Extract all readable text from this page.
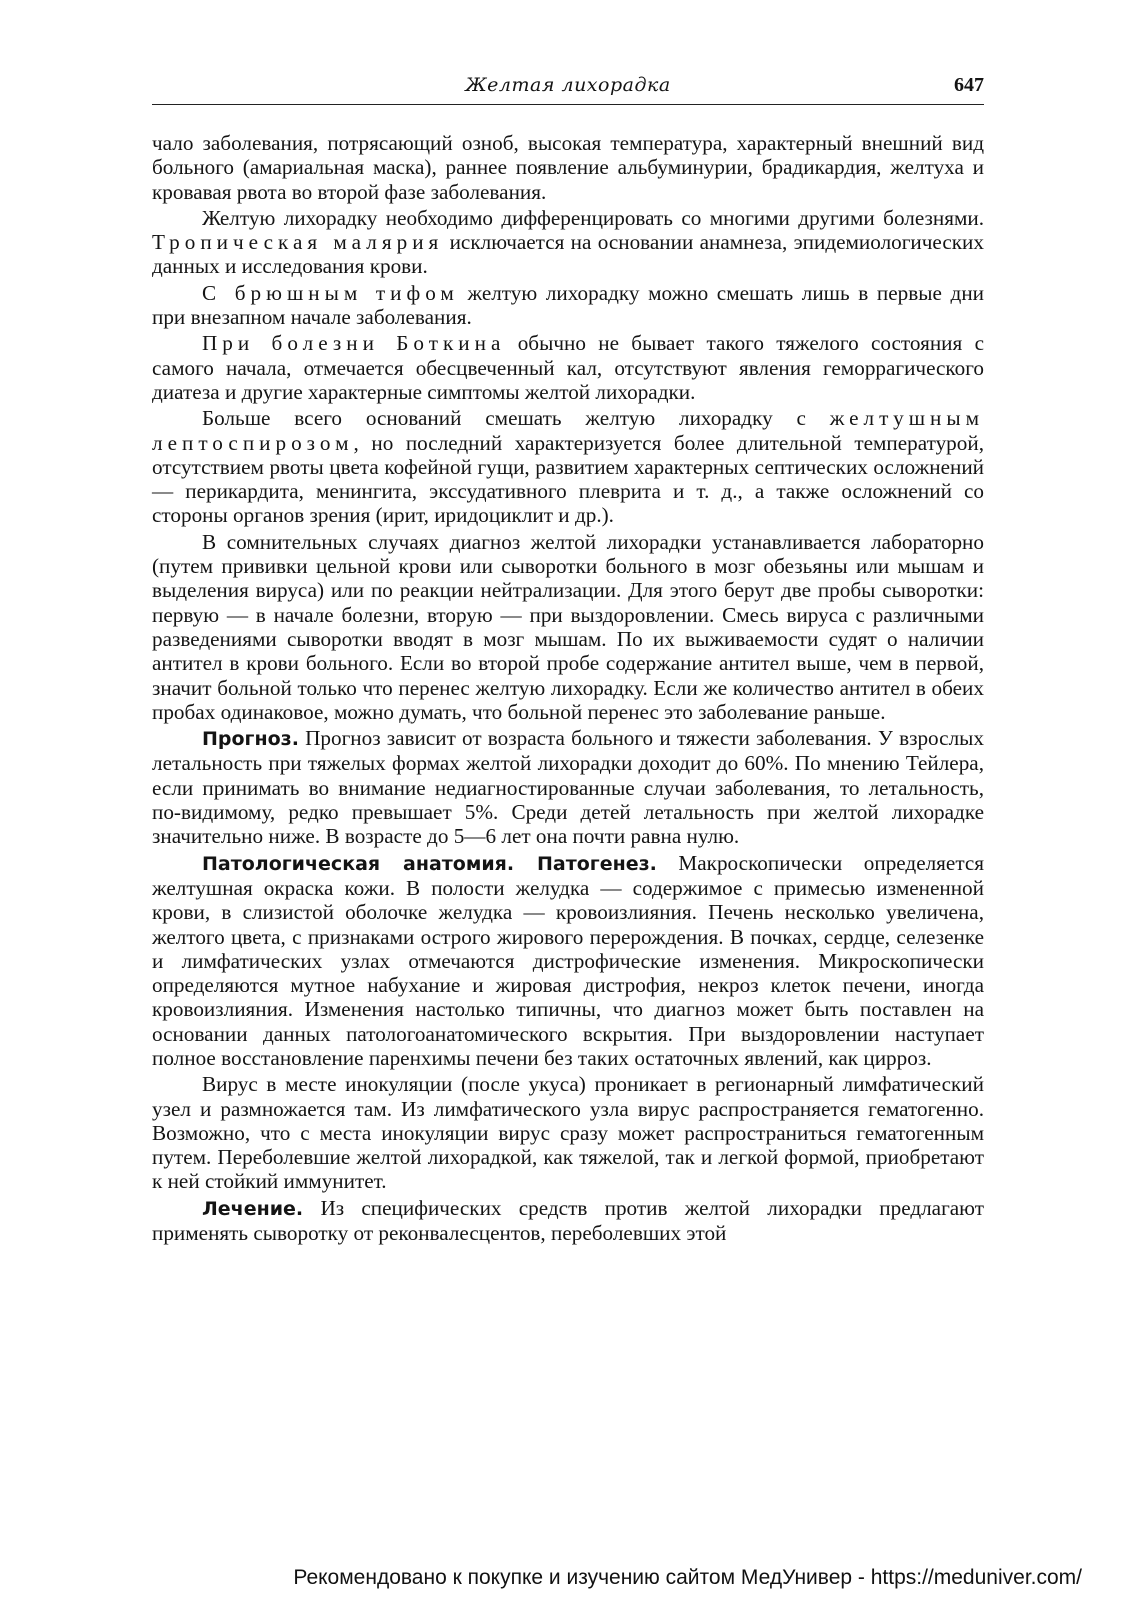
Желтая лихорадка	647

чало заболевания, потрясающий озноб, высокая температура, характерный внешний вид больного (амариальная маска), раннее появление альбуминурии, брадикардия, желтуха и кровавая рвота во второй фазе заболевания.

Желтую лихорадку необходимо дифференцировать со многими другими болезнями. Тропическая малярия исключается на основании анамнеза, эпидемиологических данных и исследования крови.

С брюшным тифом желтую лихорадку можно смешать лишь в первые дни при внезапном начале заболевания.

При болезни Боткина обычно не бывает такого тяжелого состояния с самого начала, отмечается обесцвеченный кал, отсутствуют явления геморрагического диатеза и другие характерные симптомы желтой лихорадки.

Больше всего оснований смешать желтую лихорадку с желтушным лептоспирозом, но последний характеризуется более длительной температурой, отсутствием рвоты цвета кофейной гущи, развитием характерных септических осложнений — перикардита, менингита, экссудативного плеврита и т. д., а также осложнений со стороны органов зрения (ирит, иридоциклит и др.).

В сомнительных случаях диагноз желтой лихорадки устанавливается лабораторно (путем прививки цельной крови или сыворотки больного в мозг обезьяны или мышам и выделения вируса) или по реакции нейтрализации. Для этого берут две пробы сыворотки: первую — в начале болезни, вторую — при выздоровлении. Смесь вируса с различными разведениями сыворотки вводят в мозг мышам. По их выживаемости судят о наличии антител в крови больного. Если во второй пробе содержание антител выше, чем в первой, значит больной только что перенес желтую лихорадку. Если же количество антител в обеих пробах одинаковое, можно думать, что больной перенес это заболевание раньше.

Прогноз. Прогноз зависит от возраста больного и тяжести заболевания. У взрослых летальность при тяжелых формах желтой лихорадки доходит до 60%. По мнению Тейлера, если принимать во внимание недиагностированные случаи заболевания, то летальность, по-видимому, редко превышает 5%. Среди детей летальность при желтой лихорадке значительно ниже. В возрасте до 5—6 лет она почти равна нулю.

Патологическая анатомия. Патогенез. Макроскопически определяется желтушная окраска кожи. В полости желудка — содержимое с примесью измененной крови, в слизистой оболочке желудка — кровоизлияния. Печень несколько увеличена, желтого цвета, с признаками острого жирового перерождения. В почках, сердце, селезенке и лимфатических узлах отмечаются дистрофические изменения. Микроскопически определяются мутное набухание и жировая дистрофия, некроз клеток печени, иногда кровоизлияния. Изменения настолько типичны, что диагноз может быть поставлен на основании данных патологоанатомического вскрытия. При выздоровлении наступает полное восстановление паренхимы печени без таких остаточных явлений, как цирроз.

Вирус в месте инокуляции (после укуса) проникает в регионарный лимфатический узел и размножается там. Из лимфатического узла вирус распространяется гематогенно. Возможно, что с места инокуляции вирус сразу может распространиться гематогенным путем. Переболевшие желтой лихорадкой, как тяжелой, так и легкой формой, приобретают к ней стойкий иммунитет.

Лечение. Из специфических средств против желтой лихорадки предлагают применять сыворотку от реконвалесцентов, переболевших этой

Рекомендовано к покупке и изучению сайтом МедУнивер - https://meduniver.com/
